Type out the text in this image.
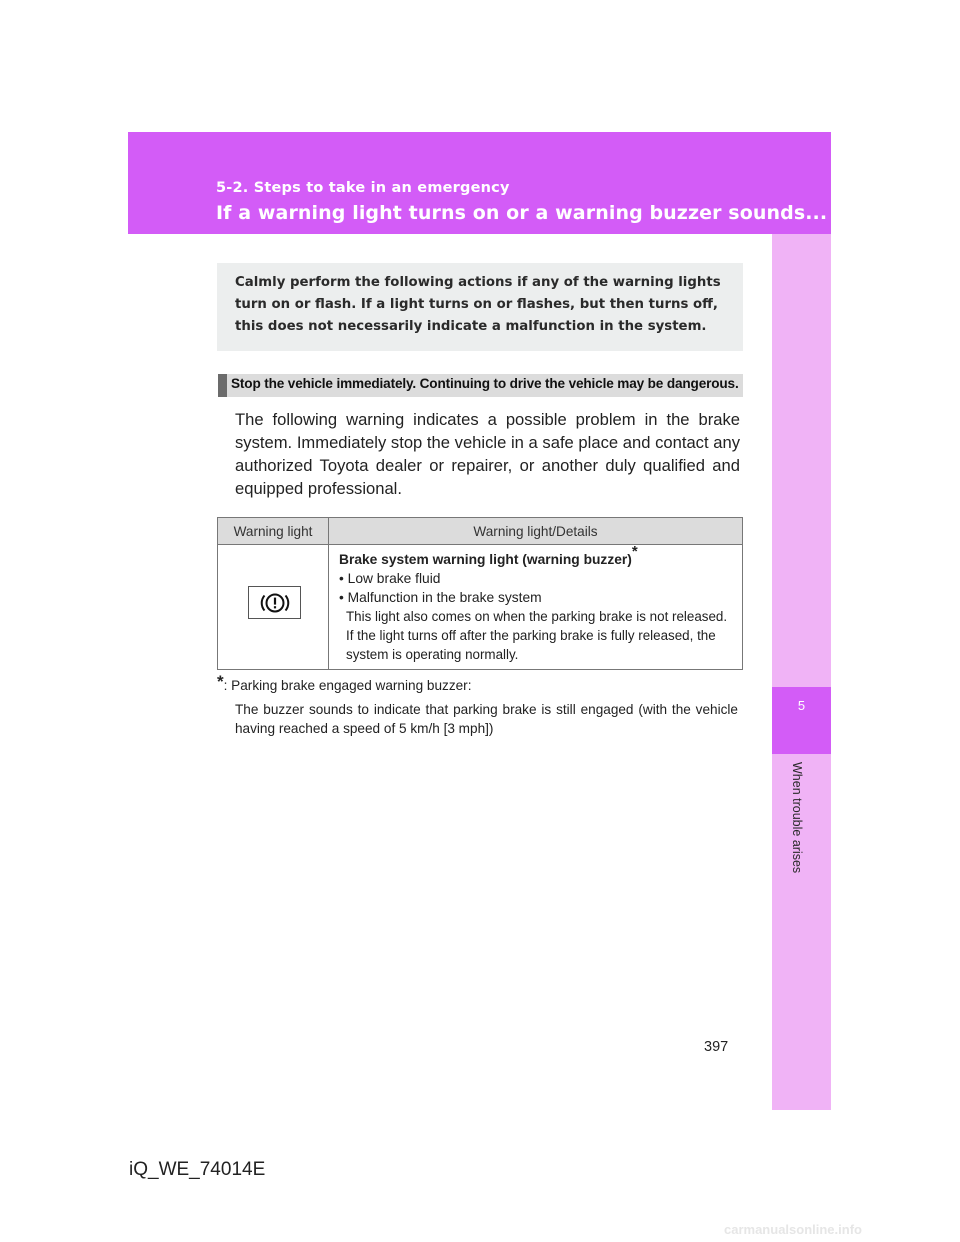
5-2. Steps to take in an emergency
If a warning light turns on or a warning buzzer sounds...
5
When trouble arises

Calmly perform the following actions if any of the warning lights turn on or flash. If a light turns on or flashes, but then turns off, this does not necessarily indicate a malfunction in the system.

Stop the vehicle immediately. Continuing to drive the vehicle may be dangerous.

The following warning indicates a possible problem in the brake system. Immediately stop the vehicle in a safe place and contact any authorized Toyota dealer or repairer, or another duly qualified and equipped professional.

Warning light	Warning light/Details

Brake system warning light (warning buzzer)*
• Low brake fluid
• Malfunction in the brake system
This light also comes on when the parking brake is not released. If the light turns off after the parking brake is fully released, the system is operating normally.
*: Parking brake engaged warning buzzer:

The buzzer sounds to indicate that parking brake is still engaged (with the vehicle having reached a speed of 5 km/h [3 mph])

397
iQ_WE_74014E
carmanualsonline.info
